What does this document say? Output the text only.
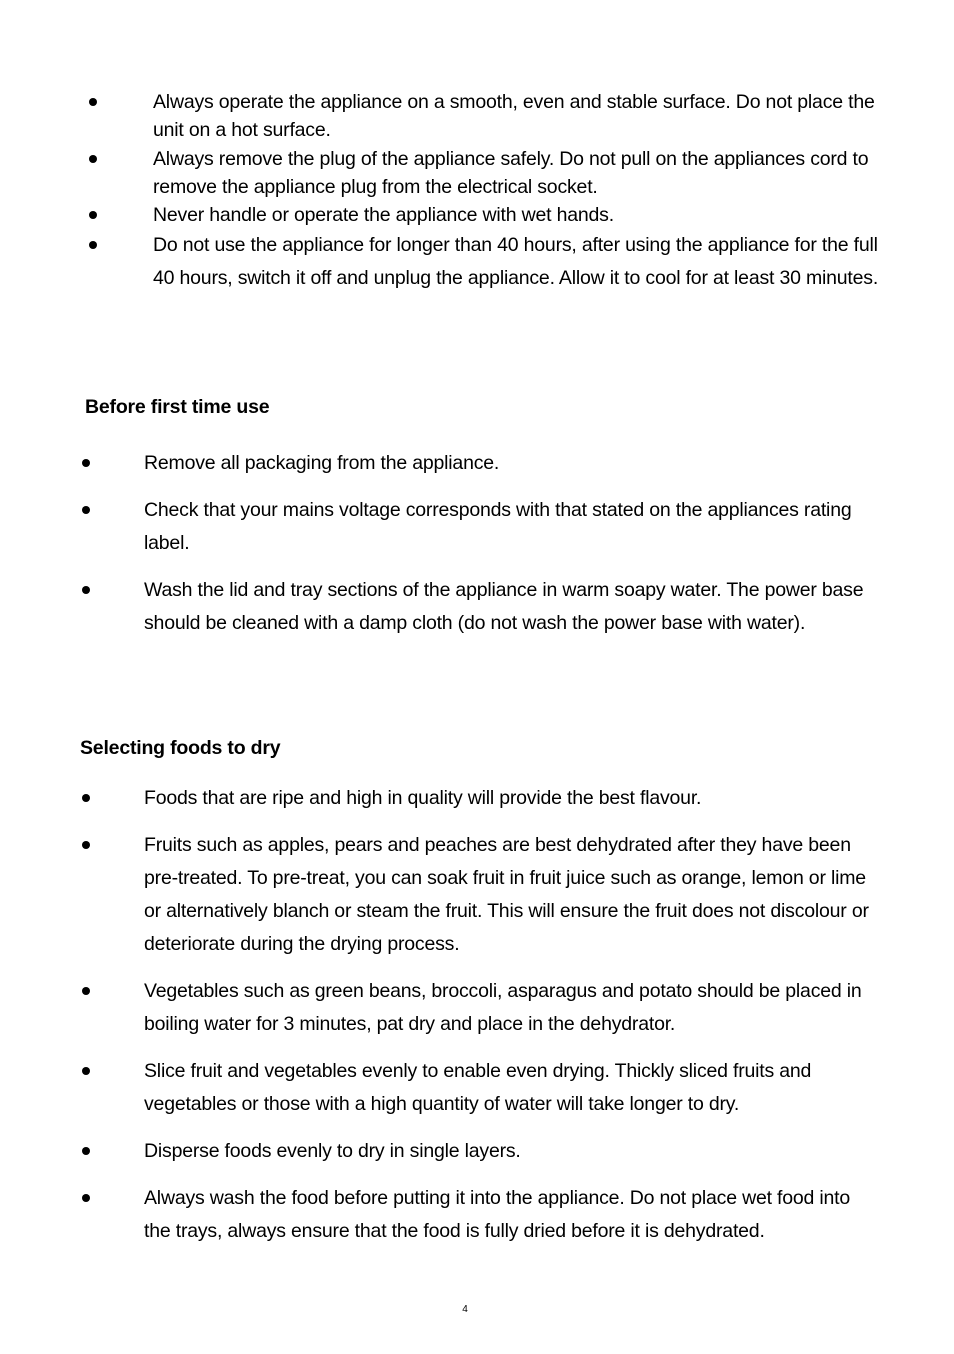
Always operate the appliance on a smooth, even and stable surface. Do not place the unit on a hot surface.
Always remove the plug of the appliance safely. Do not pull on the appliances cord to remove the appliance plug from the electrical socket.
Never handle or operate the appliance with wet hands.
Do not use the appliance for longer than 40 hours, after using the appliance for the full 40 hours, switch it off and unplug the appliance. Allow it to cool for at least 30 minutes.
Before first time use
Remove all packaging from the appliance.
Check that your mains voltage corresponds with that stated on the appliances rating label.
Wash the lid and tray sections of the appliance in warm soapy water. The power base should be cleaned with a damp cloth (do not wash the power base with water).
Selecting foods to dry
Foods that are ripe and high in quality will provide the best flavour.
Fruits such as apples, pears and peaches are best dehydrated after they have been pre-treated. To pre-treat, you can soak fruit in fruit juice such as orange, lemon or lime or alternatively blanch or steam the fruit. This will ensure the fruit does not discolour or deteriorate during the drying process.
Vegetables such as green beans, broccoli, asparagus and potato should be placed in boiling water for 3 minutes, pat dry and place in the dehydrator.
Slice fruit and vegetables evenly to enable even drying. Thickly sliced fruits and vegetables or those with a high quantity of water will take longer to dry.
Disperse foods evenly to dry in single layers.
Always wash the food before putting it into the appliance. Do not place wet food into the trays, always ensure that the food is fully dried before it is dehydrated.
4
